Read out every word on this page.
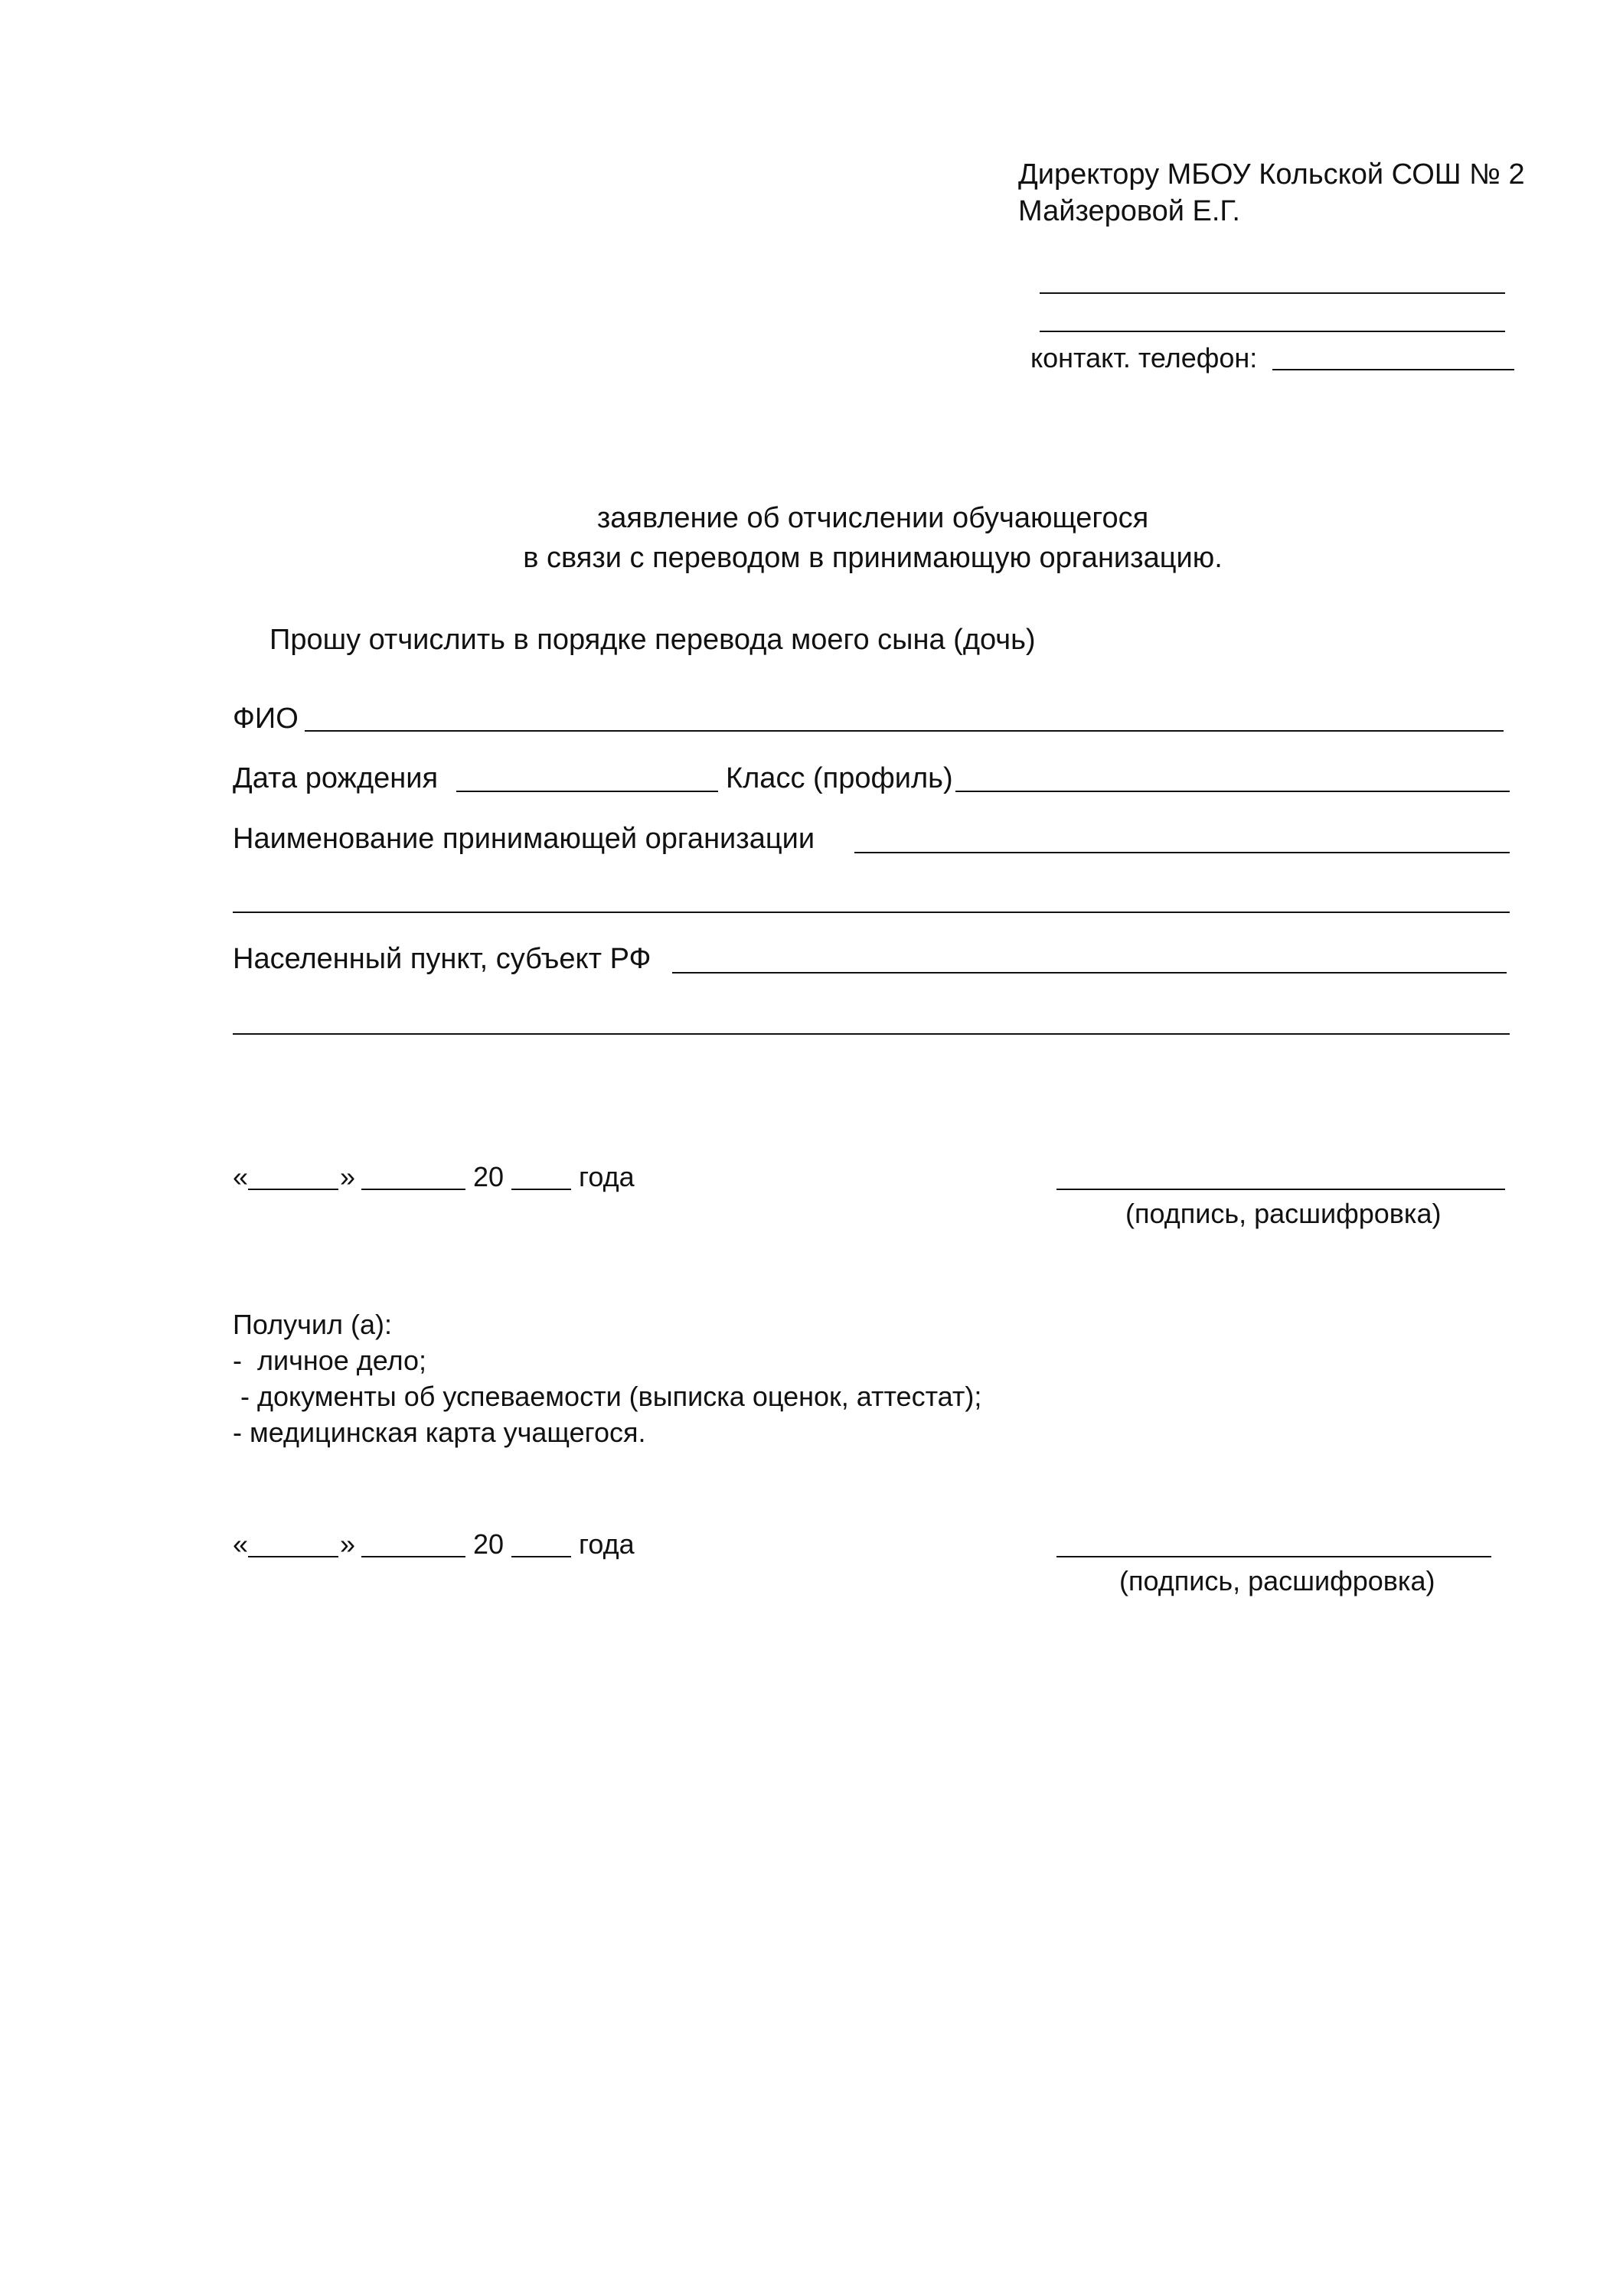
Директору МБОУ Кольской СОШ № 2
Майзеровой Е.Г.
контакт. телефон:
заявление об отчислении обучающегося
в связи с переводом в принимающую организацию.
Прошу отчислить в порядке перевода моего сына (дочь)
ФИО
Дата рождения	Класс (профиль)
Наименование принимающей организации
Населенный пункт, субъект РФ
«	»	20	года
(подпись, расшифровка)
Получил (а):
-  личное дело;
- документы об успеваемости (выписка оценок, аттестат);
- медицинская карта учащегося.
«	»	20	года
(подпись, расшифровка)
